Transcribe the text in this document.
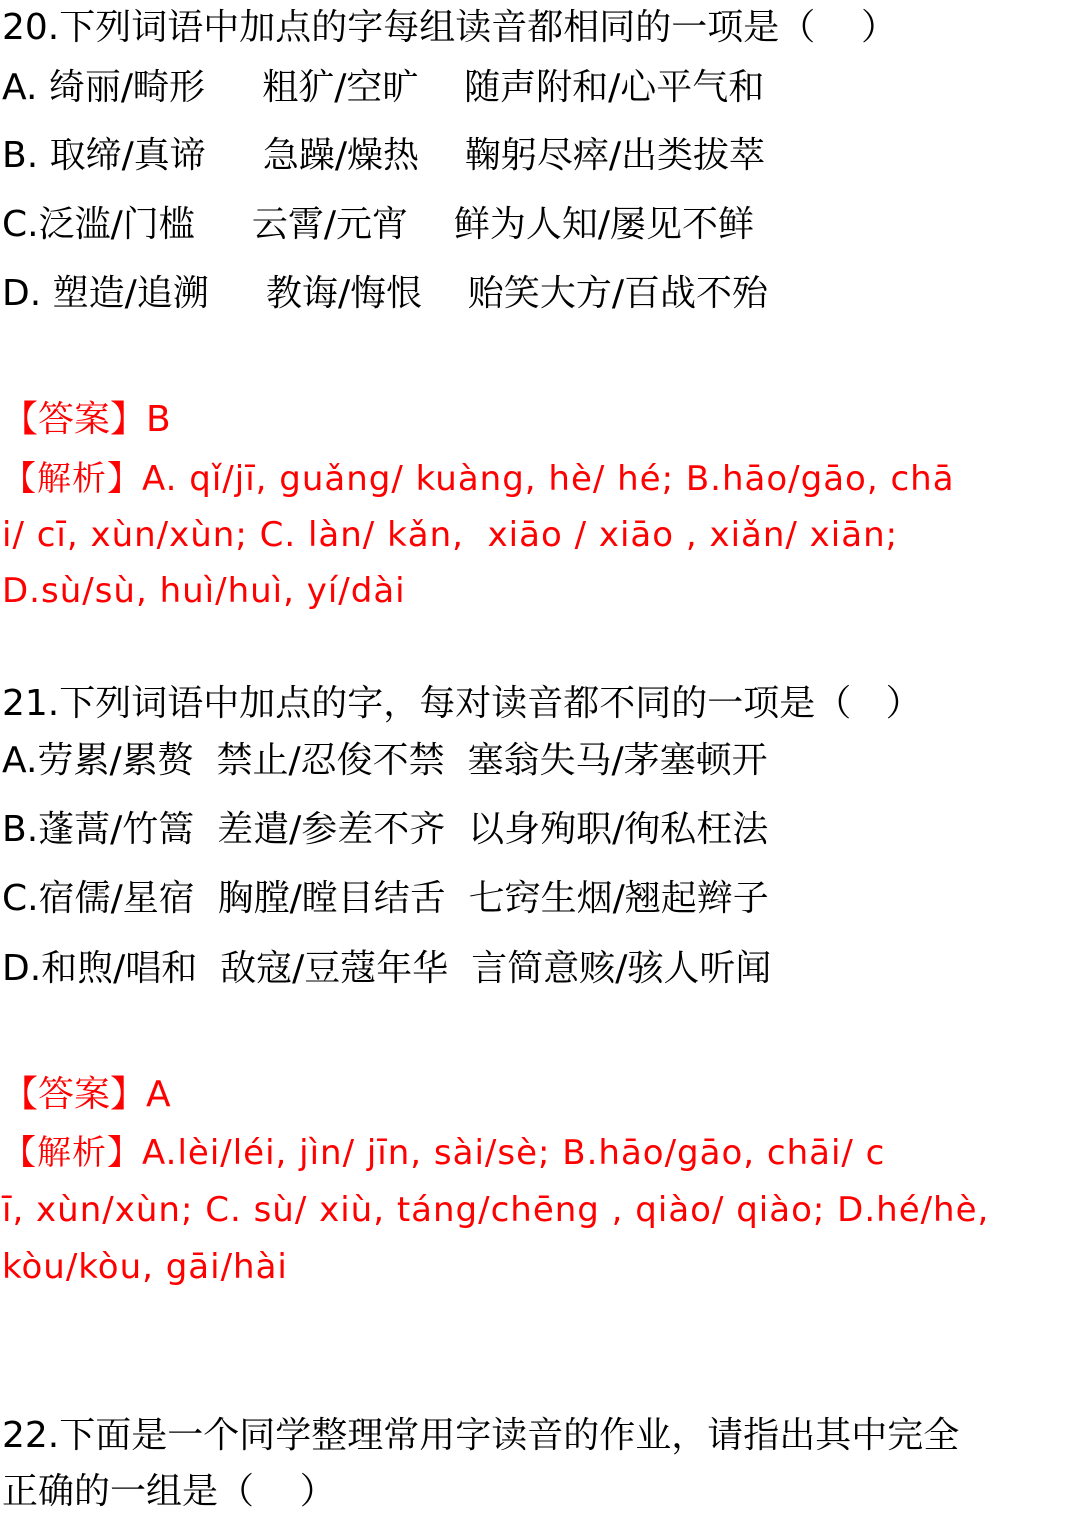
20.下列词语中加点的字每组读音都相同的一项是（    ）
A. 绮丽/畸形     粗犷/空旷    随声附和/心平气和
B. 取缔/真谛     急躁/燥热    鞠躬尽瘁/出类拔萃
C.泛滥/门槛     云霄/元宵    鲜为人知/屡见不鲜
D. 塑造/追溯     教诲/悔恨    贻笑大方/百战不殆
【答案】B
【解析】A. qǐ/jī, guǎng/ kuàng, hè/ hé; B.hāo/gāo, chā
i/ cī, xùn/xùn; C. làn/ kǎn,  xiāo / xiāo , xiǎn/ xiān;
D.sù/sù, huì/huì, yí/dài
21.下列词语中加点的字，每对读音都不同的一项是（   ）
A.劳累/累赘  禁止/忍俊不禁  塞翁失马/茅塞顿开
B.蓬蒿/竹篙  差遣/参差不齐  以身殉职/徇私枉法
C.宿儒/星宿  胸膛/瞠目结舌  七窍生烟/翘起辫子
D.和煦/唱和  敌寇/豆蔻年华  言简意赅/骇人听闻
【答案】A
【解析】A.lèi/léi, jìn/ jīn, sài/sè; B.hāo/gāo, chāi/ c
ī, xùn/xùn; C. sù/ xiù, táng/chēng , qiào/ qiào; D.hé/hè,
kòu/kòu, gāi/hài
22.下面是一个同学整理常用字读音的作业，请指出其中完全
正确的一组是（    ）
